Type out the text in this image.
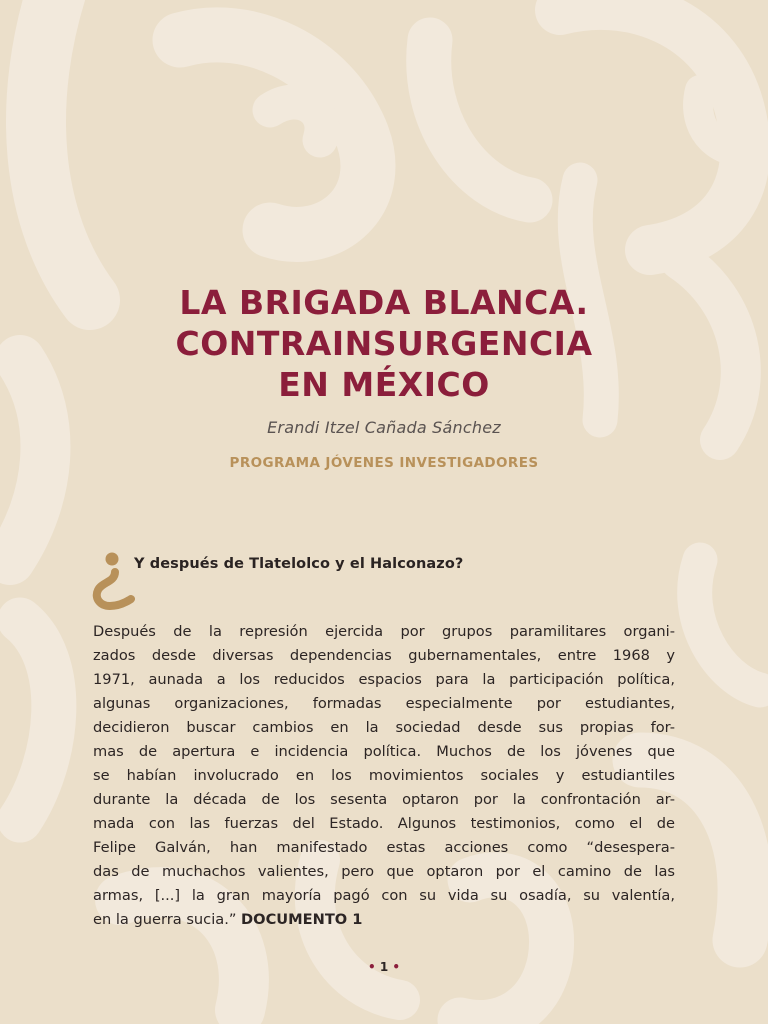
LA BRIGADA BLANCA.
CONTRAINSURGENCIA
EN MÉXICO
Erandi Itzel Cañada Sánchez
PROGRAMA JÓVENES INVESTIGADORES
Y después de Tlatelolco y el Halconazo?
Después de la represión ejercida por grupos paramilitares organi-
zados desde diversas dependencias gubernamentales, entre 1968 y
1971, aunada a los reducidos espacios para la participación política,
algunas organizaciones, formadas especialmente por estudiantes,
decidieron buscar cambios en la sociedad desde sus propias for-
mas de apertura e incidencia política. Muchos de los jóvenes que
se habían involucrado en los movimientos sociales y estudiantiles
durante la década de los sesenta optaron por la confrontación ar-
mada con las fuerzas del Estado. Algunos testimonios, como el de
Felipe Galván, han manifestado estas acciones como “desespera-
das de muchachos valientes, pero que optaron por el camino de las
armas, [...] la gran mayoría pagó con su vida su osadía, su valentía,
en la guerra sucia.” DOCUMENTO 1
• 1 •
